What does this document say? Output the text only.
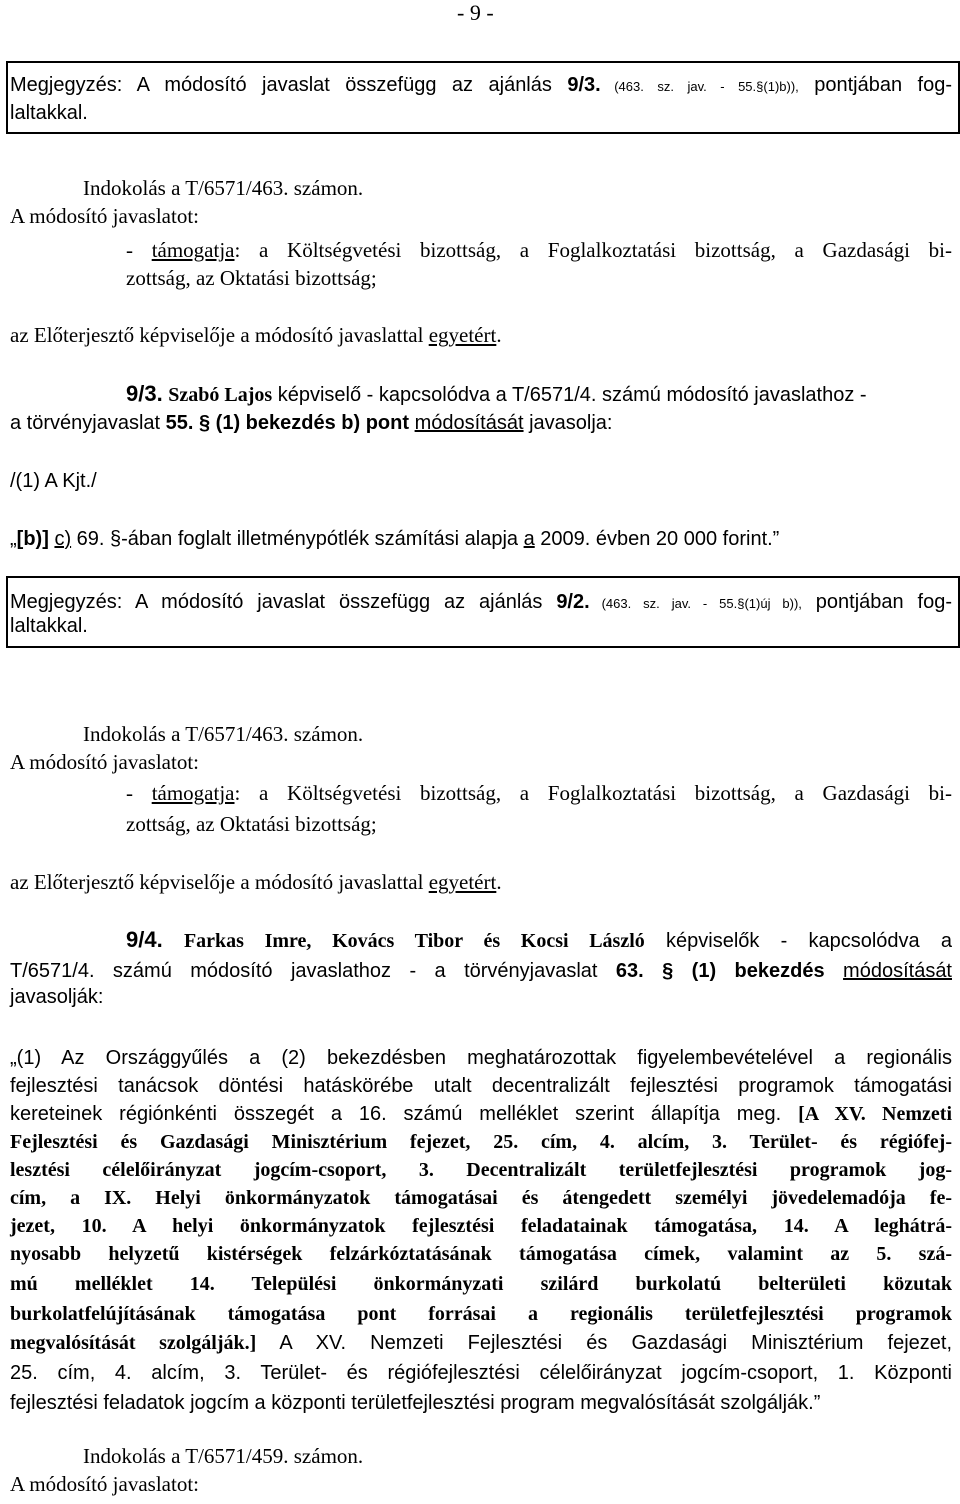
- 9 -
Megjegyzés: A módosító javaslat összefügg az ajánlás 9/3. (463. sz. jav. - 55.§(1)b)), pontjában fog-
laltakkal.
Indokolás a T/6571/463. számon.
A módosító javaslatot:
- támogatja: a Költségvetési bizottság, a Foglalkoztatási bizottság, a Gazdasági bi-
zottság, az Oktatási bizottság;
az Előterjesztő képviselője a módosító javaslattal egyetért.
9/3. Szabó Lajos képviselő - kapcsolódva a T/6571/4. számú módosító javaslathoz -
a törvényjavaslat 55. § (1) bekezdés b) pont módosítását javasolja:
/(1) A Kjt./
„[b)] c) 69. §-ában foglalt illetménypótlék számítási alapja a 2009. évben 20 000 forint.”
Megjegyzés: A módosító javaslat összefügg az ajánlás 9/2. (463. sz. jav. - 55.§(1)új b)), pontjában fog-
laltakkal.
Indokolás a T/6571/463. számon.
A módosító javaslatot:
- támogatja: a Költségvetési bizottság, a Foglalkoztatási bizottság, a Gazdasági bi-
zottság, az Oktatási bizottság;
az Előterjesztő képviselője a módosító javaslattal egyetért.
9/4. Farkas Imre, Kovács Tibor és Kocsi László képviselők - kapcsolódva a
T/6571/4. számú módosító javaslathoz - a törvényjavaslat 63. § (1) bekezdés módosítását
javasolják:
„(1) Az Országgyűlés a (2) bekezdésben meghatározottak figyelembevételével a regionális
fejlesztési tanácsok döntési hatáskörébe utalt decentralizált fejlesztési programok támogatási
kereteinek régiónkénti összegét a 16. számú melléklet szerint állapítja meg. [A XV. Nemzeti
Fejlesztési és Gazdasági Minisztérium fejezet, 25. cím, 4. alcím, 3. Terület- és régiófej-
lesztési célelőirányzat jogcím-csoport, 3. Decentralizált területfejlesztési programok jog-
cím, a IX. Helyi önkormányzatok támogatásai és átengedett személyi jövedelemadója fe-
jezet, 10. A helyi önkormányzatok fejlesztési feladatainak támogatása, 14. A leghátrá-
nyosabb helyzetű kistérségek felzárkóztatásának támogatása címek, valamint az 5. szá-
mú melléklet 14. Települési önkormányzati szilárd burkolatú belterületi közutak
burkolatfelújításának támogatása pont forrásai a regionális területfejlesztési programok
megvalósítását szolgálják.] A XV. Nemzeti Fejlesztési és Gazdasági Minisztérium fejezet,
25. cím, 4. alcím, 3. Terület- és régiófejlesztési célelőirányzat jogcím-csoport, 1. Központi
fejlesztési feladatok jogcím a központi területfejlesztési program megvalósítását szolgálják.”
Indokolás a T/6571/459. számon.
A módosító javaslatot:
